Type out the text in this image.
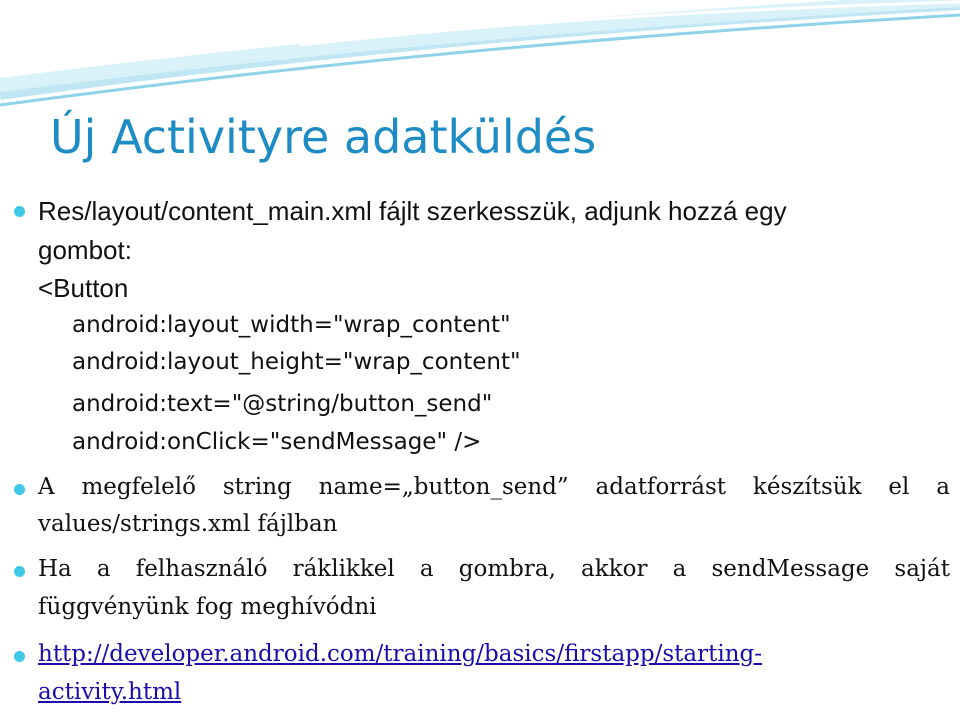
Új Activityre adatküldés
Res/layout/content_main.xml fájlt szerkesszük, adjunk hozzá egy
gombot:
<Button
android:layout_width="wrap_content"
android:layout_height="wrap_content"
android:text="@string/button_send"
android:onClick="sendMessage" />
A megfelelő string name=„button_send” adatforrást készítsük el a
values/strings.xml fájlban
Ha a felhasználó ráklikkel a gombra, akkor a sendMessage saját
függvényünk fog meghívódni
http://developer.android.com/training/basics/firstapp/starting-
activity.html
